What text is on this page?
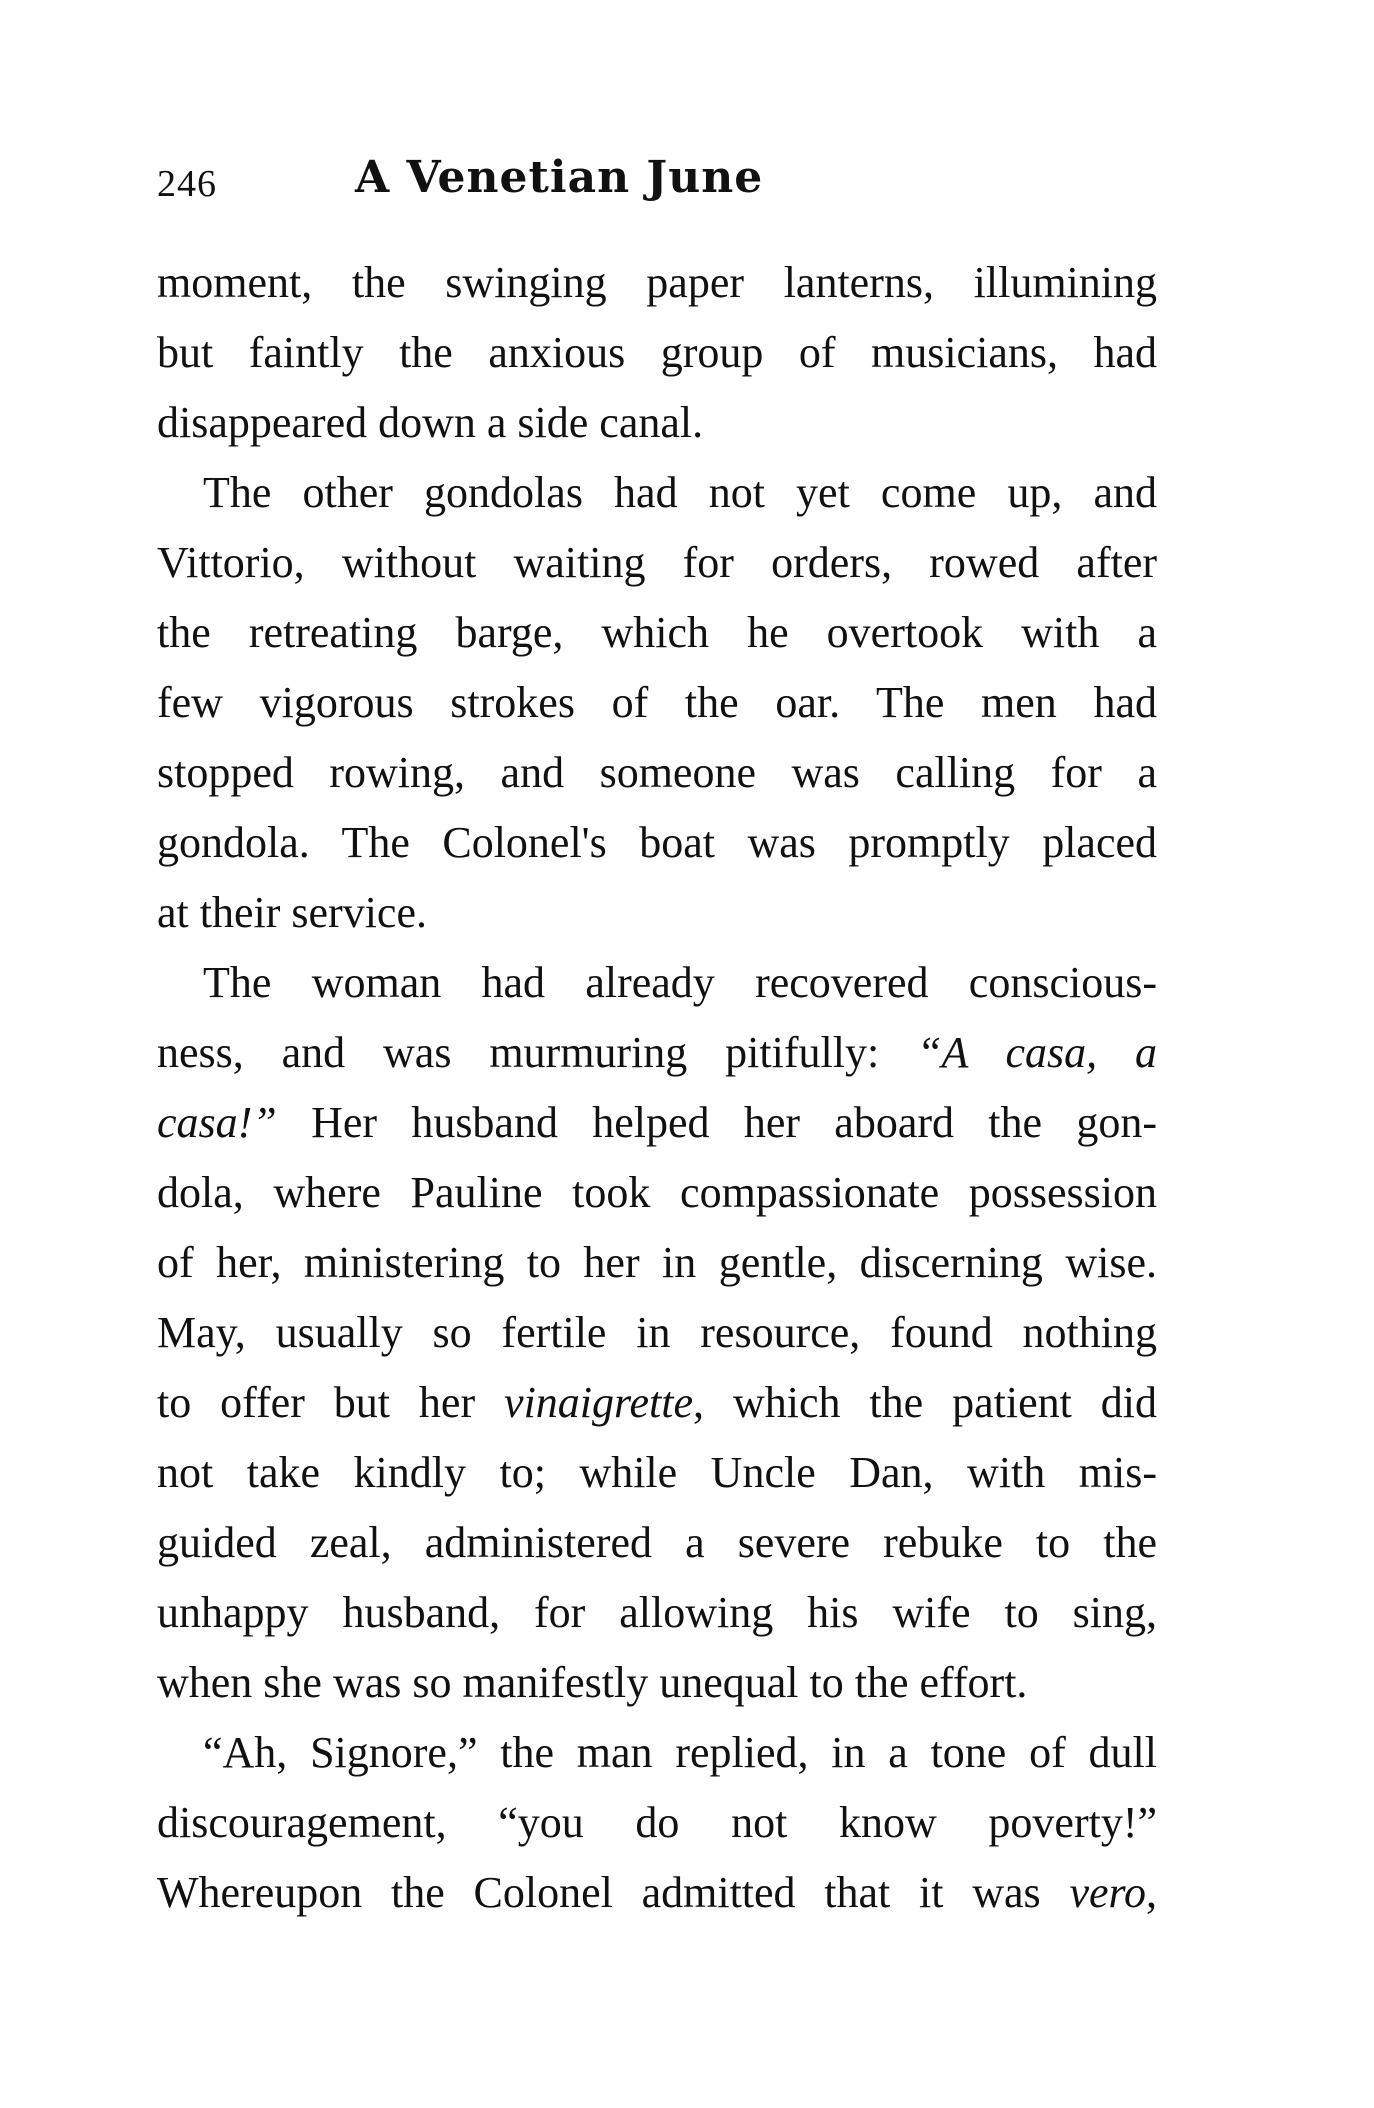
246	A Venetian June
moment, the swinging paper lanterns, illumining
but faintly the anxious group of musicians, had
disappeared down a side canal.
The other gondolas had not yet come up, and
Vittorio, without waiting for orders, rowed after
the retreating barge, which he overtook with a
few vigorous strokes of the oar. The men had
stopped rowing, and someone was calling for a
gondola. The Colonel's boat was promptly placed
at their service.
The woman had already recovered conscious-
ness, and was murmuring pitifully: “A casa, a
casa!” Her husband helped her aboard the gon-
dola, where Pauline took compassionate possession
of her, ministering to her in gentle, discerning wise.
May, usually so fertile in resource, found nothing
to offer but her vinaigrette, which the patient did
not take kindly to; while Uncle Dan, with mis-
guided zeal, administered a severe rebuke to the
unhappy husband, for allowing his wife to sing,
when she was so manifestly unequal to the effort.
“Ah, Signore,” the man replied, in a tone of dull
discouragement, “you do not know poverty!”
Whereupon the Colonel admitted that it was vero,
